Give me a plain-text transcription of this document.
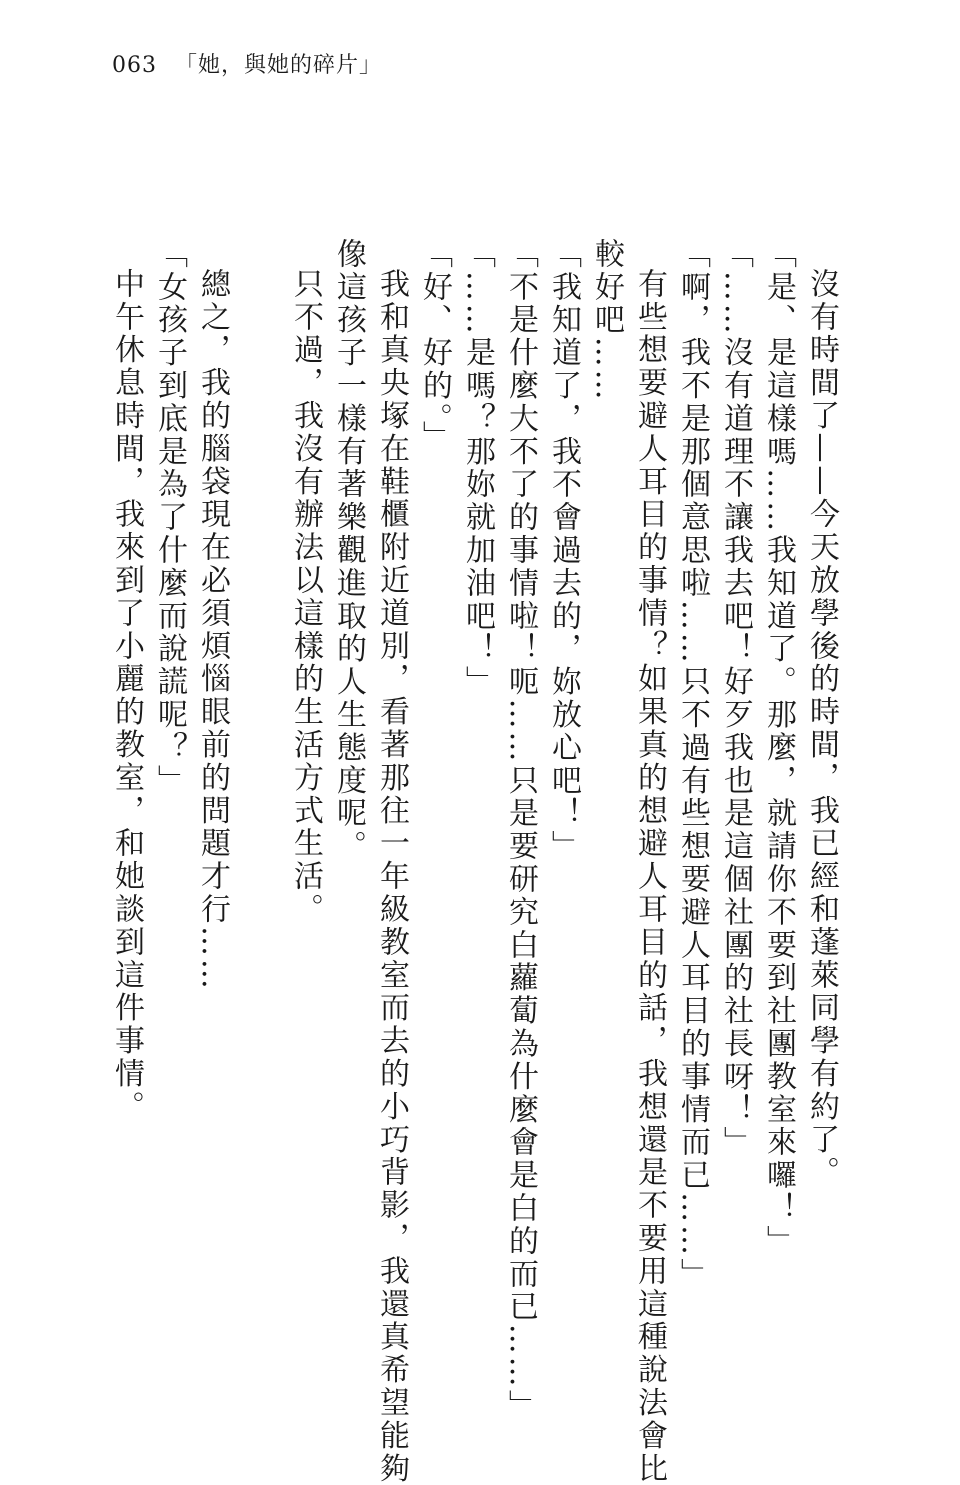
063 「她，與她的碎片」
沒有時間了——今天放學後的時間，我已經和蓬萊同學有約了。
「是、是這樣嗎……我知道了。那麼，就請你不要到社團教室來囉！」
「……沒有道理不讓我去吧！好歹我也是這個社團的社長呀！」
「啊，我不是那個意思啦……只不過有些想要避人耳目的事情而已……」
有些想要避人耳目的事情？如果真的想避人耳目的話，我想還是不要用這種說法會比
較好吧……
「我知道了，我不會過去的，妳放心吧！」
「不是什麼大不了的事情啦！呃……只是要研究白蘿蔔為什麼會是白的而已……」
「……是嗎？那妳就加油吧！」
「好、好的。」
我和真央塚在鞋櫃附近道別，看著那往一年級教室而去的小巧背影，我還真希望能夠
像這孩子一樣有著樂觀進取的人生態度呢。
只不過，我沒有辦法以這樣的生活方式生活。
總之，我的腦袋現在必須煩惱眼前的問題才行……
「女孩子到底是為了什麼而說謊呢？」
中午休息時間，我來到了小麗的教室，和她談到這件事情。
